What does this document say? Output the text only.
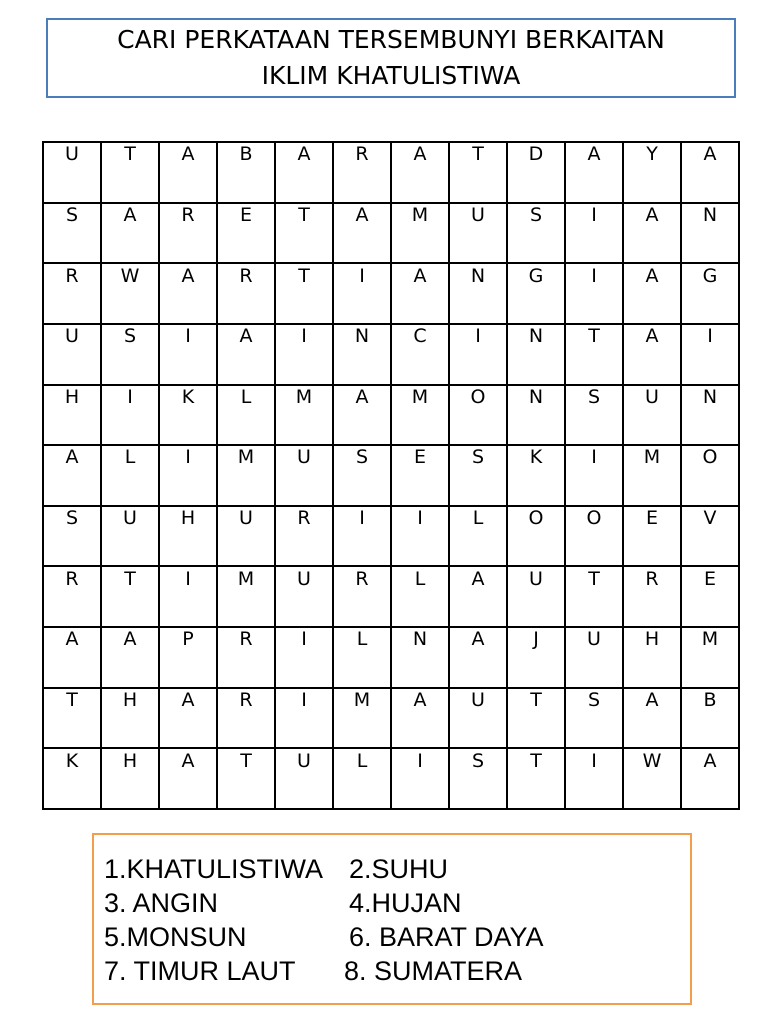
CARI PERKATAAN TERSEMBUNYI BERKAITAN
IKLIM KHATULISTIWA
U	T	A	B	A	R	A	T	D	A	Y	A
S	A	R	E	T	A	M	U	S	I	A	N
R	W	A	R	T	I	A	N	G	I	A	G
U	S	I	A	I	N	C	I	N	T	A	I
H	I	K	L	M	A	M	O	N	S	U	N
A	L	I	M	U	S	E	S	K	I	M	O
S	U	H	U	R	I	I	L	O	O	E	V
R	T	I	M	U	R	L	A	U	T	R	E
A	A	P	R	I	L	N	A	J	U	H	M
T	H	A	R	I	M	A	U	T	S	A	B
K	H	A	T	U	L	I	S	T	I	W	A
1.KHATULISTIWA 2.SUHU
3. ANGIN	4.HUJAN
5.MONSUN	6. BARAT DAYA
7. TIMUR LAUT 8. SUMATERA
